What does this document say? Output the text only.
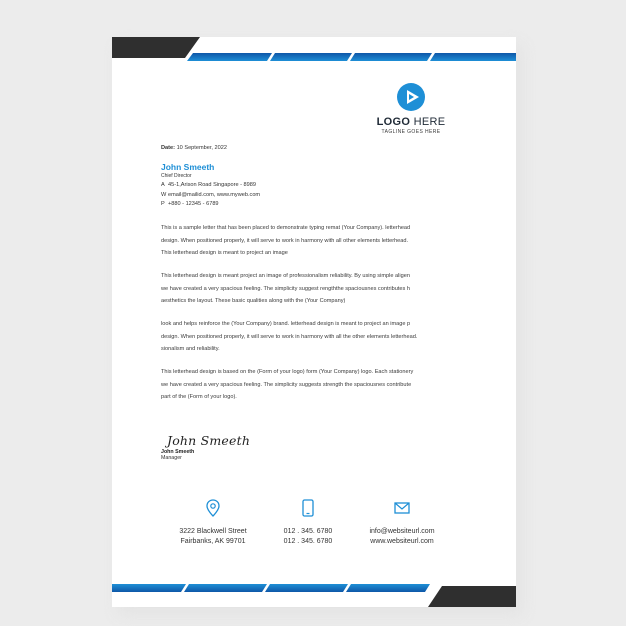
LOGO HERE
TAGLINE GOES HERE
Date: 10 September, 2022
John Smeeth
Chief Director
A 45-1,Arison Road Singapore - 8989
W email@mailid.com, www.myweb.com
P +880 - 12345 - 6789

This is a sample letter that has been placed to demonstrate typing remat (Your Company). letterhead
design. When positioned properly, it will serve to work in harmony with all other elements letterhead.
This letterhead design is meant to project an image

This letterhead design is meant project an image of professionalism reliability. By using simple aligen
we have created a very spacious feeling. The simplicity suggest rengththe spaciousnes contributes h
aesthetics the layout. These basic qualities along with the (Your Company)

look and helps reinforce the (Your Company) brand. letterhead design is meant to project an image p
design. When positioned properly, it will serve to work in harmony with all the other elements letterhead.
sionalism and reliability.

This letterhead design is based on the (Form of your logo) form (Your Company) logo. Each stationery
we have created a very spacious feeling. The simplicity suggests strength the spaciousnes contribute
part of the (Form of your logo).

John Smeeth
John Smeeth
Manager
3222 Blackwell Street
Fairbanks, AK 99701
012 . 345. 6780
012 . 345. 6780
info@websiteurl.com
www.websiteurl.com
